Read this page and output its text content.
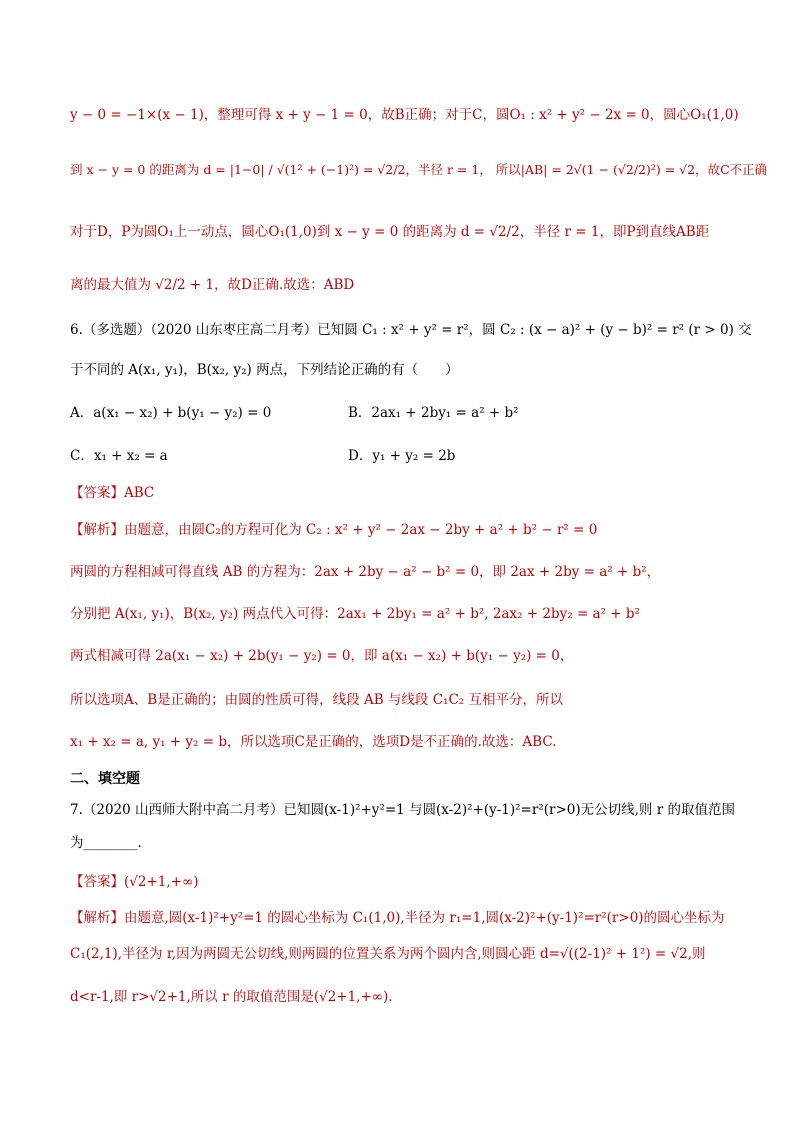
y − 0 = −1×(x − 1)，整理可得 x + y − 1 = 0，故B正确；对于C，圆O₁ : x² + y² − 2x = 0，圆心O₁(1,0)
到 x − y = 0 的距离为 d = |1−0| / √(1² + (−1)²) = √2/2，半径 r = 1， 所以|AB| = 2√(1 − (√2/2)²) = √2，故C不正确
对于D，P为圆O₁上一动点，圆心O₁(1,0)到 x − y = 0 的距离为 d = √2/2，半径 r = 1，即P到直线AB距
离的最大值为 √2/2 + 1，故D正确.故选：ABD
6.（多选题）（2020 山东枣庄高二月考）已知圆 C₁ : x² + y² = r²，圆 C₂ : (x − a)² + (y − b)² = r² (r > 0) 交
于不同的 A(x₁, y₁)，B(x₂, y₂) 两点，下列结论正确的有（　　）
A．a(x₁ − x₂) + b(y₁ − y₂) = 0	B．2ax₁ + 2by₁ = a² + b²
C．x₁ + x₂ = a	D．y₁ + y₂ = 2b
【答案】ABC
【解析】由题意，由圆C₂的方程可化为 C₂ : x² + y² − 2ax − 2by + a² + b² − r² = 0
两圆的方程相减可得直线 AB 的方程为：2ax + 2by − a² − b² = 0，即 2ax + 2by = a² + b²，
分别把 A(x₁, y₁)，B(x₂, y₂) 两点代入可得：2ax₁ + 2by₁ = a² + b², 2ax₂ + 2by₂ = a² + b²
两式相减可得 2a(x₁ − x₂) + 2b(y₁ − y₂) = 0，即 a(x₁ − x₂) + b(y₁ − y₂) = 0，
所以选项A、B是正确的；由圆的性质可得，线段 AB 与线段 C₁C₂ 互相平分，所以
x₁ + x₂ = a, y₁ + y₂ = b，所以选项C是正确的，选项D是不正确的.故选：ABC.
二、填空题
7.（2020 山西师大附中高二月考）已知圆(x-1)²+y²=1 与圆(x-2)²+(y-1)²=r²(r>0)无公切线,则 r 的取值范围
为________.
【答案】(√2+1,+∞)
【解析】由题意,圆(x-1)²+y²=1 的圆心坐标为 C₁(1,0),半径为 r₁=1,圆(x-2)²+(y-1)²=r²(r>0)的圆心坐标为
C₁(2,1),半径为 r,因为两圆无公切线,则两圆的位置关系为两个圆内含,则圆心距 d=√((2-1)² + 1²) = √2,则
d<r-1,即 r>√2+1,所以 r 的取值范围是(√2+1,+∞).
